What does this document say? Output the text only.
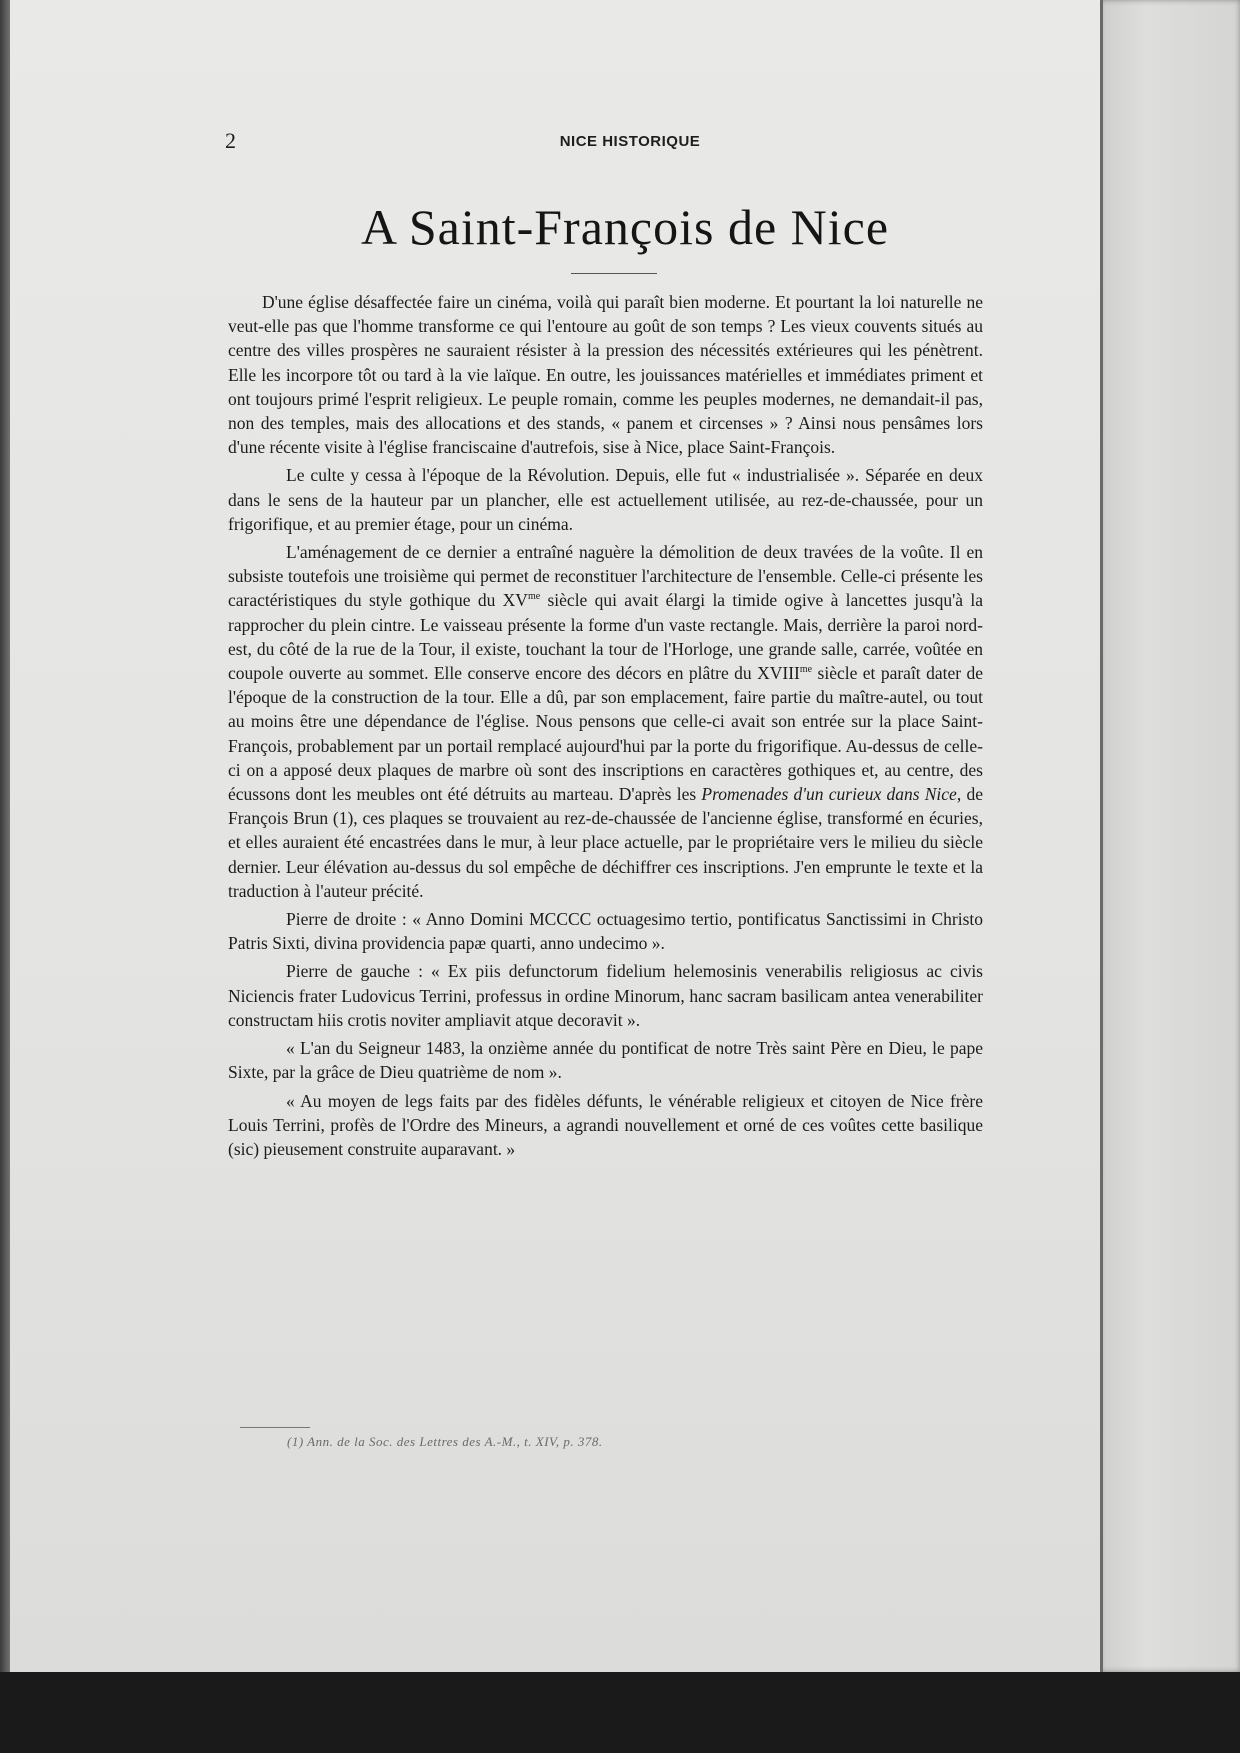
2	NICE HISTORIQUE
A Saint-François de Nice

D'une église désaffectée faire un cinéma, voilà qui paraît bien moderne. Et pourtant la loi naturelle ne veut-elle pas que l'homme transforme ce qui l'entoure au goût de son temps ? Les vieux couvents situés au centre des villes prospères ne sauraient résister à la pression des nécessités extérieures qui les pénètrent. Elle les incorpore tôt ou tard à la vie laïque. En outre, les jouissances matérielles et immédiates priment et ont toujours primé l'esprit religieux. Le peuple romain, comme les peuples modernes, ne demandait-il pas, non des temples, mais des allocations et des stands, « panem et circenses » ? Ainsi nous pensâmes lors d'une récente visite à l'église franciscaine d'autrefois, sise à Nice, place Saint-François.

Le culte y cessa à l'époque de la Révolution. Depuis, elle fut « industrialisée ». Séparée en deux dans le sens de la hauteur par un plancher, elle est actuellement utilisée, au rez-de-chaussée, pour un frigorifique, et au premier étage, pour un cinéma.

L'aménagement de ce dernier a entraîné naguère la démolition de deux travées de la voûte. Il en subsiste toutefois une troisième qui permet de reconstituer l'architecture de l'ensemble. Celle-ci présente les caractéristiques du style gothique du $XV^{me}$ siècle qui avait élargi la timide ogive à lancettes jusqu'à la rapprocher du plein cintre. Le vaisseau présente la forme d'un vaste rectangle. Mais, derrière la paroi nord-est, du côté de la rue de la Tour, il existe, touchant la tour de l'Horloge, une grande salle, carrée, voûtée en coupole ouverte au sommet. Elle conserve encore des décors en plâtre du $XVIII^{me}$ siècle et paraît dater de l'époque de la construction de la tour. Elle a dû, par son emplacement, faire partie du maître-autel, ou tout au moins être une dépendance de l'église. Nous pensons que celle-ci avait son entrée sur la place Saint-François, probablement par un portail remplacé aujourd'hui par la porte du frigorifique. Au-dessus de celle-ci on a apposé deux plaques de marbre où sont des inscriptions en caractères gothiques et, au centre, des écussons dont les meubles ont été détruits au marteau. D'après les Promenades d'un curieux dans Nice, de François Brun (1), ces plaques se trouvaient au rez-de-chaussée de l'ancienne église, transformé en écuries, et elles auraient été encastrées dans le mur, à leur place actuelle, par le propriétaire vers le milieu du siècle dernier. Leur élévation au-dessus du sol empêche de déchiffrer ces inscriptions. J'en emprunte le texte et la traduction à l'auteur précité.

Pierre de droite : « Anno Domini MCCCC octuagesimo tertio, pontificatus Sanctissimi in Christo Patris Sixti, divina providencia papæ quarti, anno undecimo ».

Pierre de gauche : « Ex piis defunctorum fidelium helemosinis venerabilis religiosus ac civis Niciencis frater Ludovicus Terrini, professus in ordine Minorum, hanc sacram basilicam antea venerabiliter constructam hiis crotis noviter ampliavit atque decoravit ».

« L'an du Seigneur 1483, la onzième année du pontificat de notre Très saint Père en Dieu, le pape Sixte, par la grâce de Dieu quatrième de nom ».

« Au moyen de legs faits par des fidèles défunts, le vénérable religieux et citoyen de Nice frère Louis Terrini, profès de l'Ordre des Mineurs, a agrandi nouvellement et orné de ces voûtes cette basilique (sic) pieusement construite auparavant. »

(1) Ann. de la Soc. des Lettres des A.-M., t. XIV, p. 378.
